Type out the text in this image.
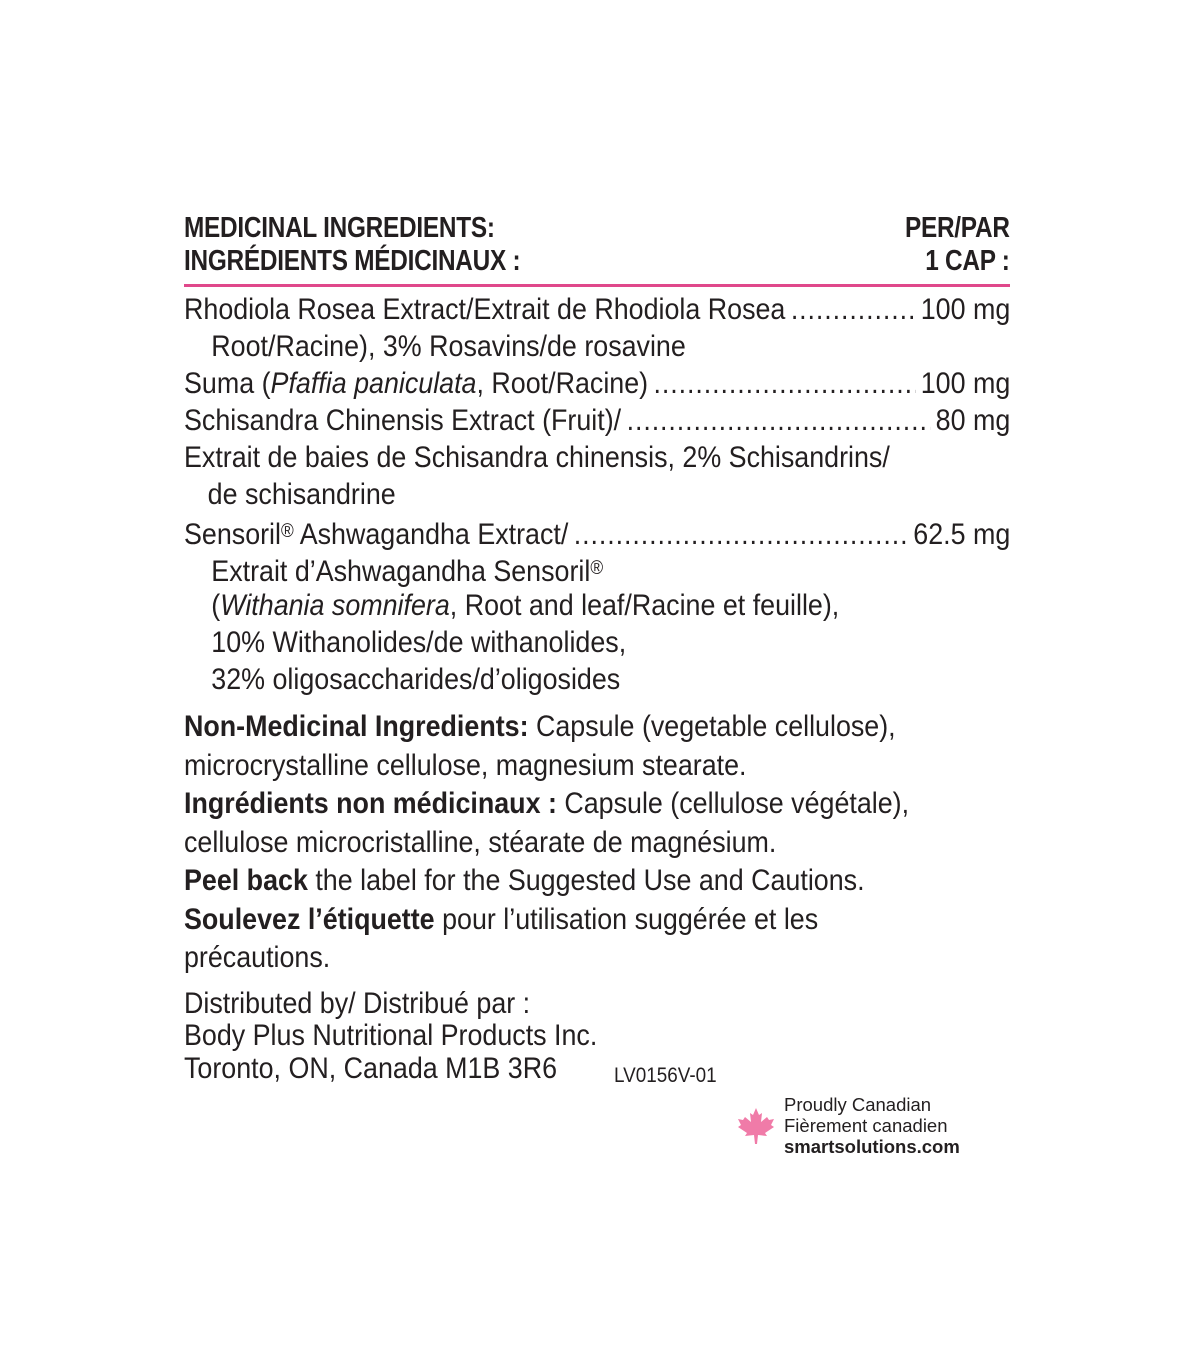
MEDICINAL INGREDIENTS:
INGRÉDIENTS MÉDICINAUX :
PER/PAR
1 CAP :
Rhodiola Rosea Extract/Extrait de Rhodiola Rosea .....	100 mg
Root/Racine), 3% Rosavins/de rosavine
Suma (Pfaffia paniculata, Root/Racine) .....	100 mg
Schisandra Chinensis Extract (Fruit)/ .....	80 mg
Extrait de baies de Schisandra chinensis, 2% Schisandrins/
de schisandrine
Sensoril® Ashwagandha Extract/ .....	62.5 mg
Extrait d’Ashwagandha Sensoril®
(Withania somnifera, Root and leaf/Racine et feuille),
10% Withanolides/de withanolides,
32% oligosaccharides/d’oligosides
Non-Medicinal Ingredients: Capsule (vegetable cellulose),
microcrystalline cellulose, magnesium stearate.
Ingrédients non médicinaux : Capsule (cellulose végétale),
cellulose microcristalline, stéarate de magnésium.
Peel back the label for the Suggested Use and Cautions.
Soulevez l’étiquette pour l’utilisation suggérée et les
précautions.
Distributed by/ Distribué par :
Body Plus Nutritional Products Inc.
Toronto, ON, Canada M1B 3R6	LV0156V-01
Proudly Canadian
Fièrement canadien
smartsolutions.com
